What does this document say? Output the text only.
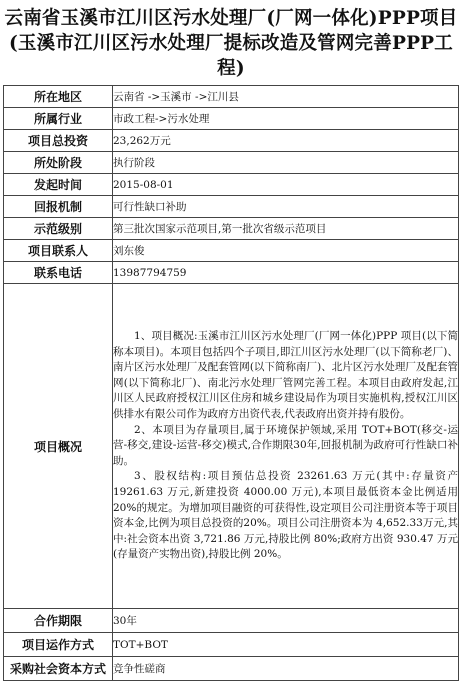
云南省玉溪市江川区污水处理厂(厂网一体化)PPP项目(玉溪市江川区污水处理厂提标改造及管网完善PPP工程)
所在地区	云南省 ->玉溪市 ->江川县
所属行业	市政工程->污水处理
项目总投资	23,262万元
所处阶段	执行阶段
发起时间	2015-08-01
回报机制	可行性缺口补助
示范级别	第三批次国家示范项目,第一批次省级示范项目
项目联系人	刘东俊
联系电话	13987794759
项目概况	1、项目概况:玉溪市江川区污水处理厂(厂网一体化)PPP 项目(以下简称本项目)。本项目包括四个子项目,即江川区污水处理厂(以下简称老厂)、南片区污水处理厂及配套管网(以下简称南厂)、北片区污水处理厂及配套管网(以下简称北厂)、南北污水处理厂管网完善工程。本项目由政府发起,江川区人民政府授权江川区住房和城乡建设局作为项目实施机构,授权江川区供排水有限公司作为政府方出资代表,代表政府出资并持有股份。

2、本项目为存量项目,属于环境保护领域,采用 TOT+BOT(移交-运营-移交,建设-运营-移交)模式,合作期限30年,回报机制为政府可行性缺口补助。

3、股权结构:项目预估总投资 23261.63 万元(其中:存量资产 19261.63 万元,新建投资 4000.00 万元),本项目最低资本金比例适用 20%的规定。为增加项目融资的可获得性,设定项目公司注册资本等于项目资本金,比例为项目总投资的20%。项目公司注册资本为 4,652.33万元,其中:社会资本出资 3,721.86 万元,持股比例 80%;政府方出资 930.47 万元(存量资产实物出资),持股比例 20%。

合作期限	30年
项目运作方式	TOT+BOT
采购社会资本方式	竞争性磋商
